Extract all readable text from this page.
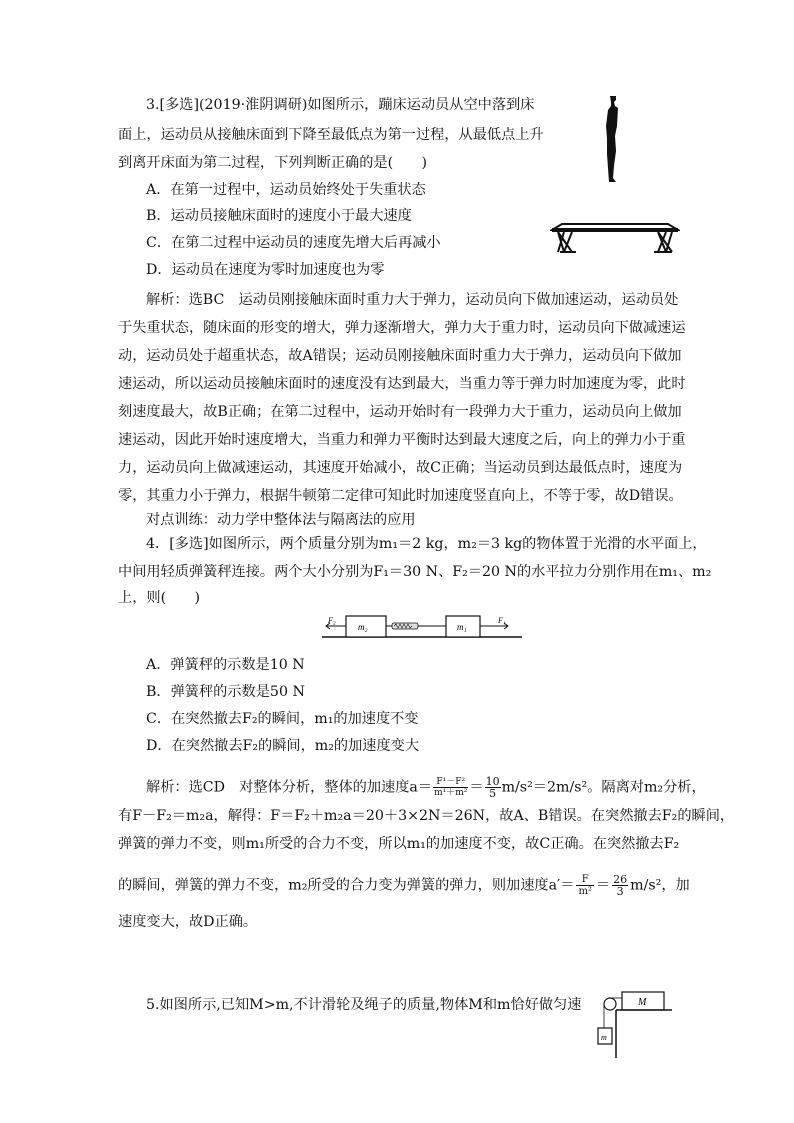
3.[多选](2019·淮阴调研)如图所示，蹦床运动员从空中落到床
面上，运动员从接触床面到下降至最低点为第一过程，从最低点上升
到离开床面为第二过程，下列判断正确的是(　　)
A．在第一过程中，运动员始终处于失重状态
B．运动员接触床面时的速度小于最大速度
C．在第二过程中运动员的速度先增大后再减小
D．运动员在速度为零时加速度也为零
解析：选BC　运动员刚接触床面时重力大于弹力，运动员向下做加速运动，运动员处
于失重状态，随床面的形变的增大，弹力逐渐增大，弹力大于重力时，运动员向下做减速运
动，运动员处于超重状态，故A错误；运动员刚接触床面时重力大于弹力，运动员向下做加
速运动，所以运动员接触床面时的速度没有达到最大，当重力等于弹力时加速度为零，此时
刻速度最大，故B正确；在第二过程中，运动开始时有一段弹力大于重力，运动员向上做加
速运动，因此开始时速度增大，当重力和弹力平衡时达到最大速度之后，向上的弹力小于重
力，运动员向上做减速运动，其速度开始减小，故C正确；当运动员到达最低点时，速度为
零，其重力小于弹力，根据牛顿第二定律可知此时加速度竖直向上，不等于零，故D错误。
对点训练：动力学中整体法与隔离法的应用
4．[多选]如图所示，两个质量分别为m₁＝2 kg，m₂＝3 kg的物体置于光滑的水平面上，
中间用轻质弹簧秤连接。两个大小分别为F₁＝30 N、F₂＝20 N的水平拉力分别作用在m₁、m₂
上，则(　　)
F₂
m₂	m₁
F₁
A．弹簧秤的示数是10 N
B．弹簧秤的示数是50 N
C．在突然撤去F₂的瞬间，m₁的加速度不变
D．在突然撤去F₂的瞬间，m₂的加速度变大
解析：选CD　对整体分析，整体的加速度$a= \frac{\text{F¹－F²}}{\text{m¹＋m²}} = \frac{10}{5} m/s^2=2m/s^2$。隔离对m₂分析，
有F－F₂＝m₂a，解得：F＝F₂＋m₂a＝20＋3×2N＝26N，故A、B错误。在突然撤去F₂的瞬间，
弹簧的弹力不变，则m₁所受的合力不变，所以m₁的加速度不变，故C正确。在突然撤去F₂
的瞬间，弹簧的弹力不变，m₂所受的合力变为弹簧的弹力，则加速度$a'= \frac{F}{\text{m²}} = \frac{26}{3} m/s^2$，加
速度变大，故D正确。
5.如图所示,已知M>m,不计滑轮及绳子的质量,物体M和m恰好做匀速	M
m
